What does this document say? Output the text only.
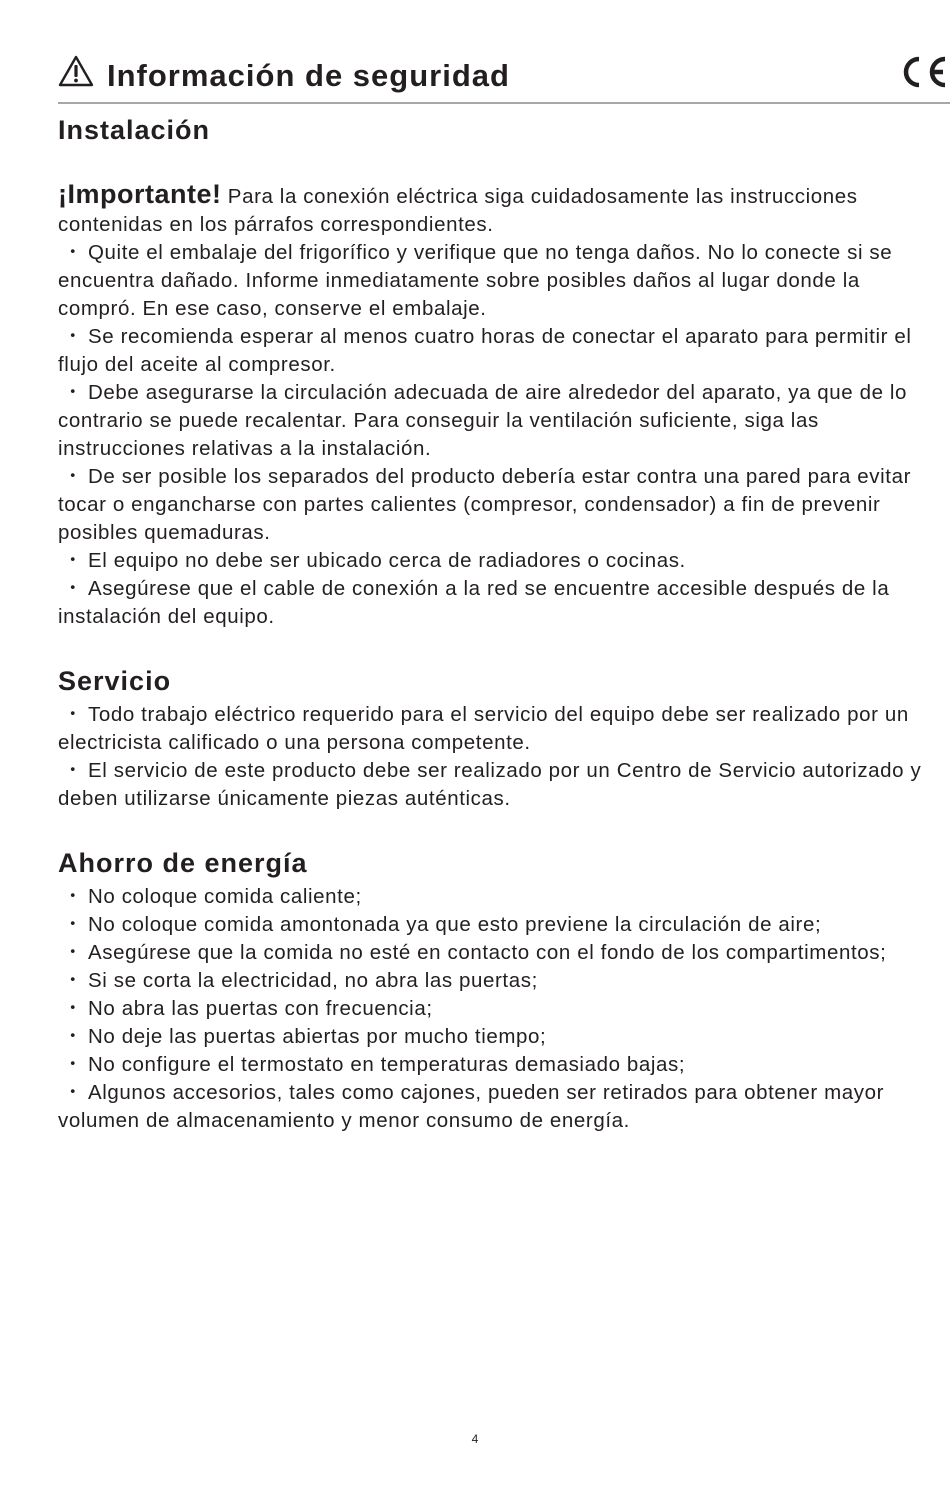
Información de seguridad
Instalación

¡Importante! Para la conexión eléctrica siga cuidadosamente las instrucciones contenidas en los párrafos correspondientes.

・ Quite el embalaje del frigorífico y verifique que no tenga daños. No lo conecte si se encuentra dañado. Informe inmediatamente sobre posibles daños al lugar donde la compró. En ese caso, conserve el embalaje.

・ Se recomienda esperar al menos cuatro horas de conectar el aparato para permitir el flujo del aceite al compresor.

・ Debe asegurarse la circulación adecuada de aire alrededor del aparato, ya que de lo contrario se puede recalentar. Para conseguir la ventilación suficiente, siga las instrucciones relativas a la instalación.

・ De ser posible los separados del producto debería estar contra una pared para evitar tocar o engancharse con partes calientes (compresor, condensador) a fin de prevenir posibles quemaduras.

・ El equipo no debe ser ubicado cerca de radiadores o cocinas.

・ Asegúrese que el cable de conexión a la red se encuentre accesible después de la instalación del equipo.

Servicio

・ Todo trabajo eléctrico requerido para el servicio del equipo debe ser realizado por un electricista calificado o una persona competente.

・ El servicio de este producto debe ser realizado por un Centro de Servicio autorizado y deben utilizarse únicamente piezas auténticas.

Ahorro de energía

・ No coloque comida caliente;

・ No coloque comida amontonada ya que esto previene la circulación de aire;

・ Asegúrese que la comida no esté en contacto con el fondo de los compartimentos;

・ Si se corta la electricidad, no abra las puertas;

・ No abra las puertas con frecuencia;

・ No deje las puertas abiertas por mucho tiempo;

・ No configure el termostato en temperaturas demasiado bajas;

・ Algunos accesorios, tales como cajones, pueden ser retirados para obtener mayor volumen de almacenamiento y menor consumo de energía.

4
